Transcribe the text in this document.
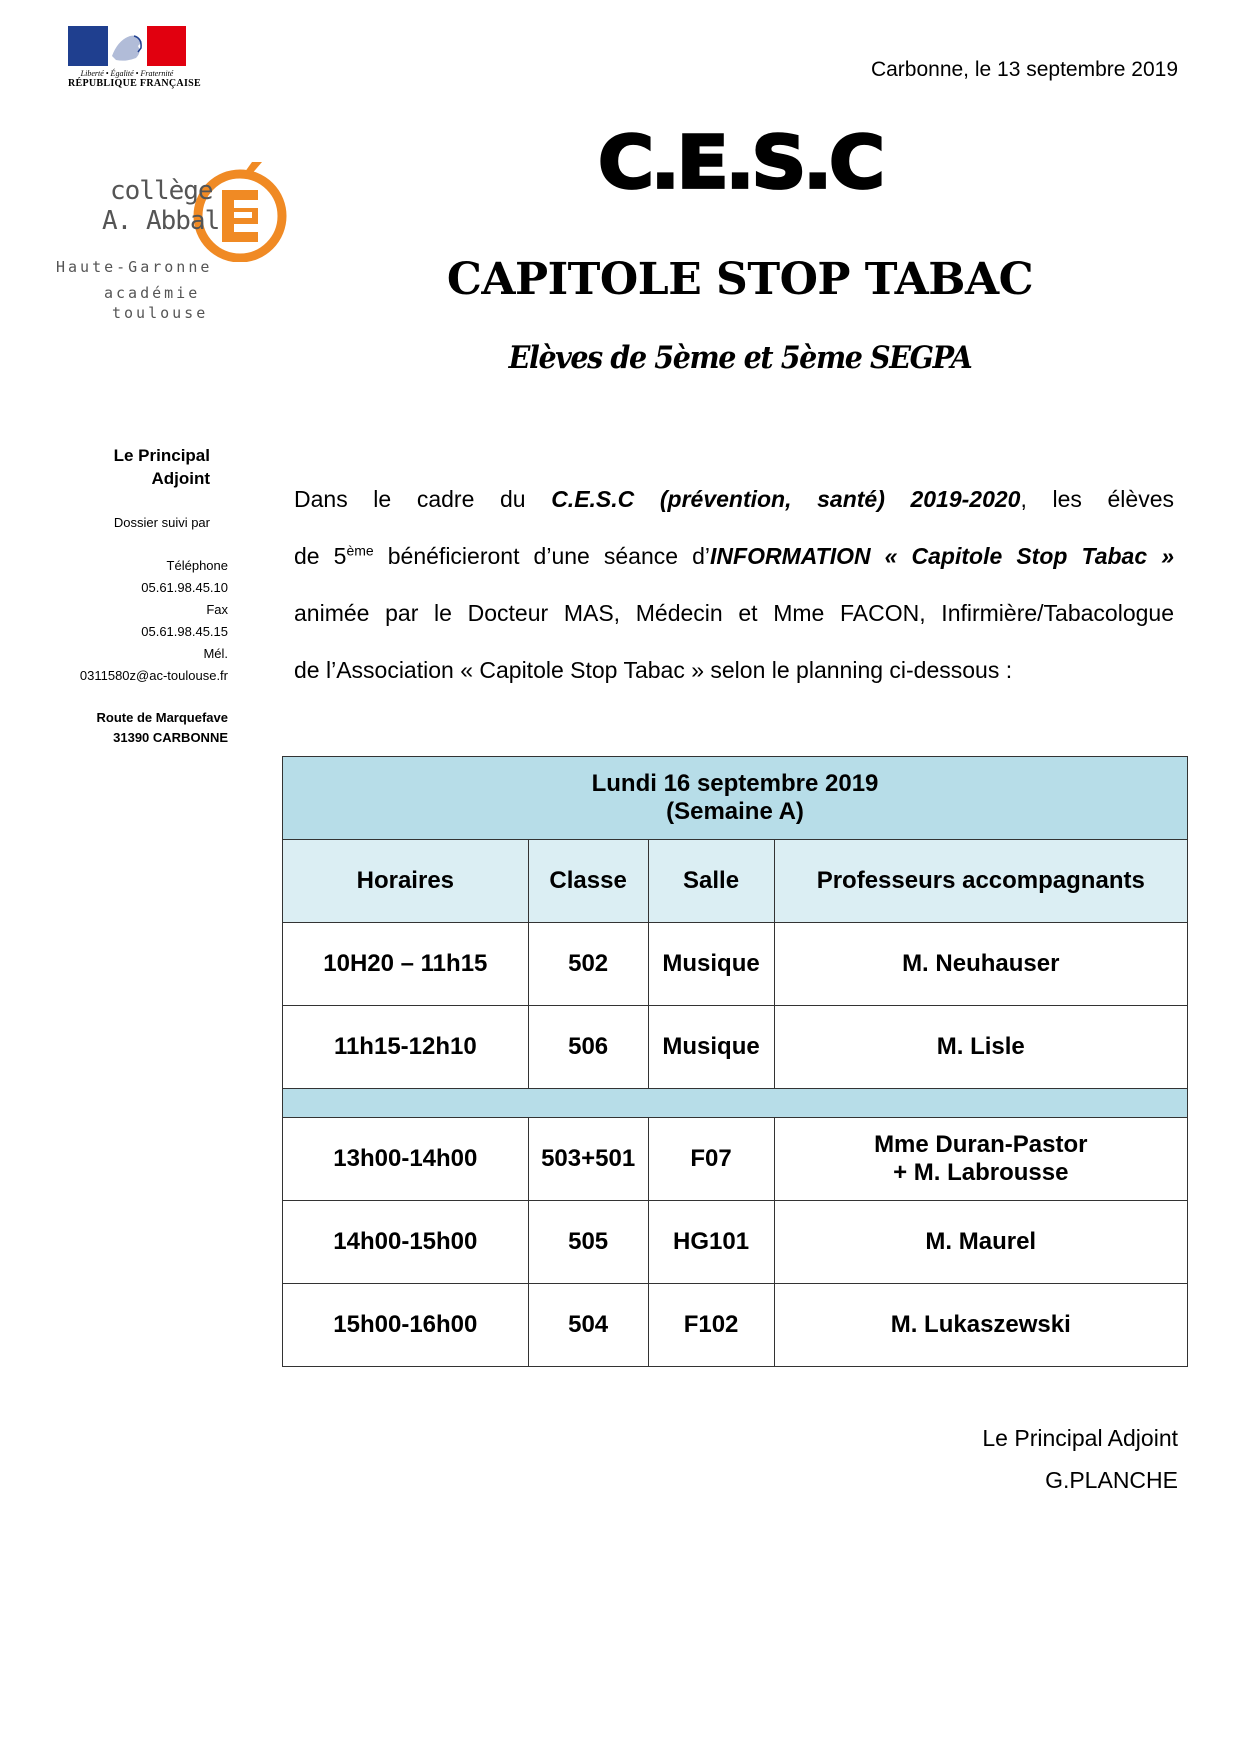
Liberté • Égalité • Fraternité
RÉPUBLIQUE FRANÇAISE
Carbonne, le 13 septembre 2019
collège
A. Abbal
Haute-Garonne
académie
toulouse
C.E.S.C
CAPITOLE STOP TABAC
Elèves de 5ème et 5ème SEGPA
Le Principal
Adjoint
Dossier suivi par
Téléphone
05.61.98.45.10
Fax
05.61.98.45.15
Mél.
0311580z@ac-toulouse.fr
Route de Marquefave
31390 CARBONNE
Dans le cadre du C.E.S.C (prévention, santé) 2019-2020, les élèves
de 5ème bénéficieront d’une séance d’INFORMATION « Capitole Stop Tabac »
animée par le Docteur MAS, Médecin et Mme FACON, Infirmière/Tabacologue
de l’Association « Capitole Stop Tabac » selon le planning ci-dessous :
Lundi 16 septembre 2019
(Semaine A)			

Horaires	Classe	Salle	Professeurs accompagnants
10H20 – 11h15	502	Musique	M. Neuhauser
11h15-12h10	506	Musique	M. Lisle

13h00-14h00	503+501	F07	Mme Duran-Pastor
+ M. Labrousse

14h00-15h00	505	HG101	M. Maurel
15h00-16h00	504	F102	M. Lukaszewski
Le Principal Adjoint
G.PLANCHE
